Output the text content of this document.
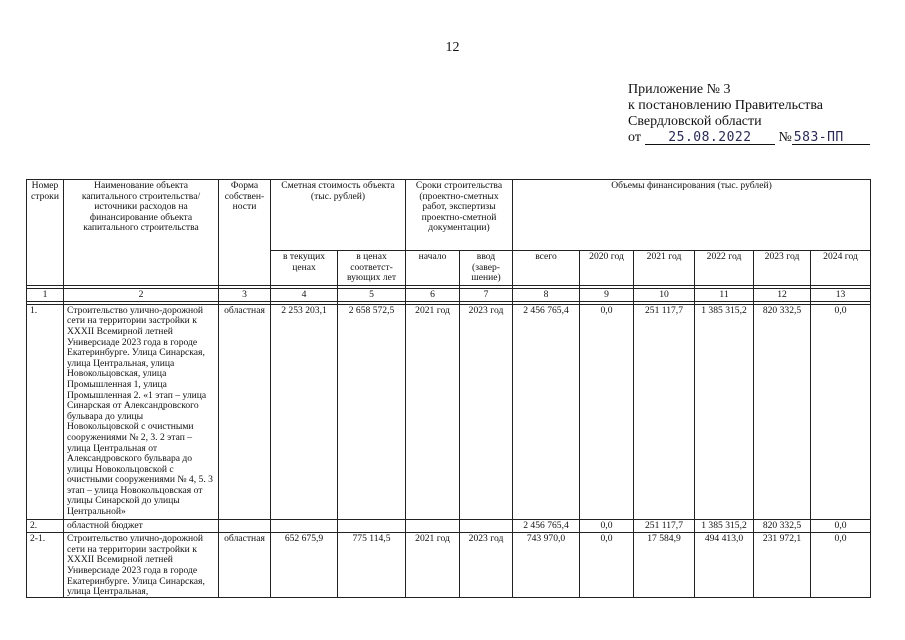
12
Приложение № 3
к постановлению Правительства
Свердловской области
от 25.08.2022 № 583-ПП
Номер строки	Наименование объекта капитального строительства/ источники расходов на финансирование объекта капитального строительства	Форма собствен-ности	Сметная стоимость объекта (тыс. рублей)		Сроки строительства (проектно-сметных работ, экспертизы проектно-сметной документации)		Объемы финансирования (тыс. рублей)					
			в текущих ценах	в ценах соответст-вующих лет	начало	ввод (завер-шение)	всего	2020 год	2021 год	2022 год	2023 год	2024 год

1	2	3	4	5	6	7	8	9	10	11	12	13

1.	Строительство улично-дорожной сети на территории застройки к XXXII Всемирной летней Универсиаде 2023 года в городе Екатеринбурге. Улица Синарская, улица Центральная, улица Новокольцовская, улица Промышленная 1, улица Промышленная 2. «1 этап – улица Синарская от Александровского бульвара до улицы Новокольцовской с очистными сооружениями № 2, 3. 2 этап – улица Центральная от Александровского бульвара до улицы Новокольцовской с очистными сооружениями № 4, 5. 3 этап – улица Новокольцовская от улицы Синарской до улицы Центральной»	областная	2 253 203,1	2 658 572,5	2021 год	2023 год	2 456 765,4	0,0	251 117,7	1 385 315,2	820 332,5	0,0
2.	областной бюджет						2 456 765,4	0,0	251 117,7	1 385 315,2	820 332,5	0,0
2-1.	Строительство улично-дорожной сети на территории застройки к XXXII Всемирной летней Универсиаде 2023 года в городе Екатеринбурге. Улица Синарская, улица Центральная,	областная	652 675,9	775 114,5	2021 год	2023 год	743 970,0	0,0	17 584,9	494 413,0	231 972,1	0,0
